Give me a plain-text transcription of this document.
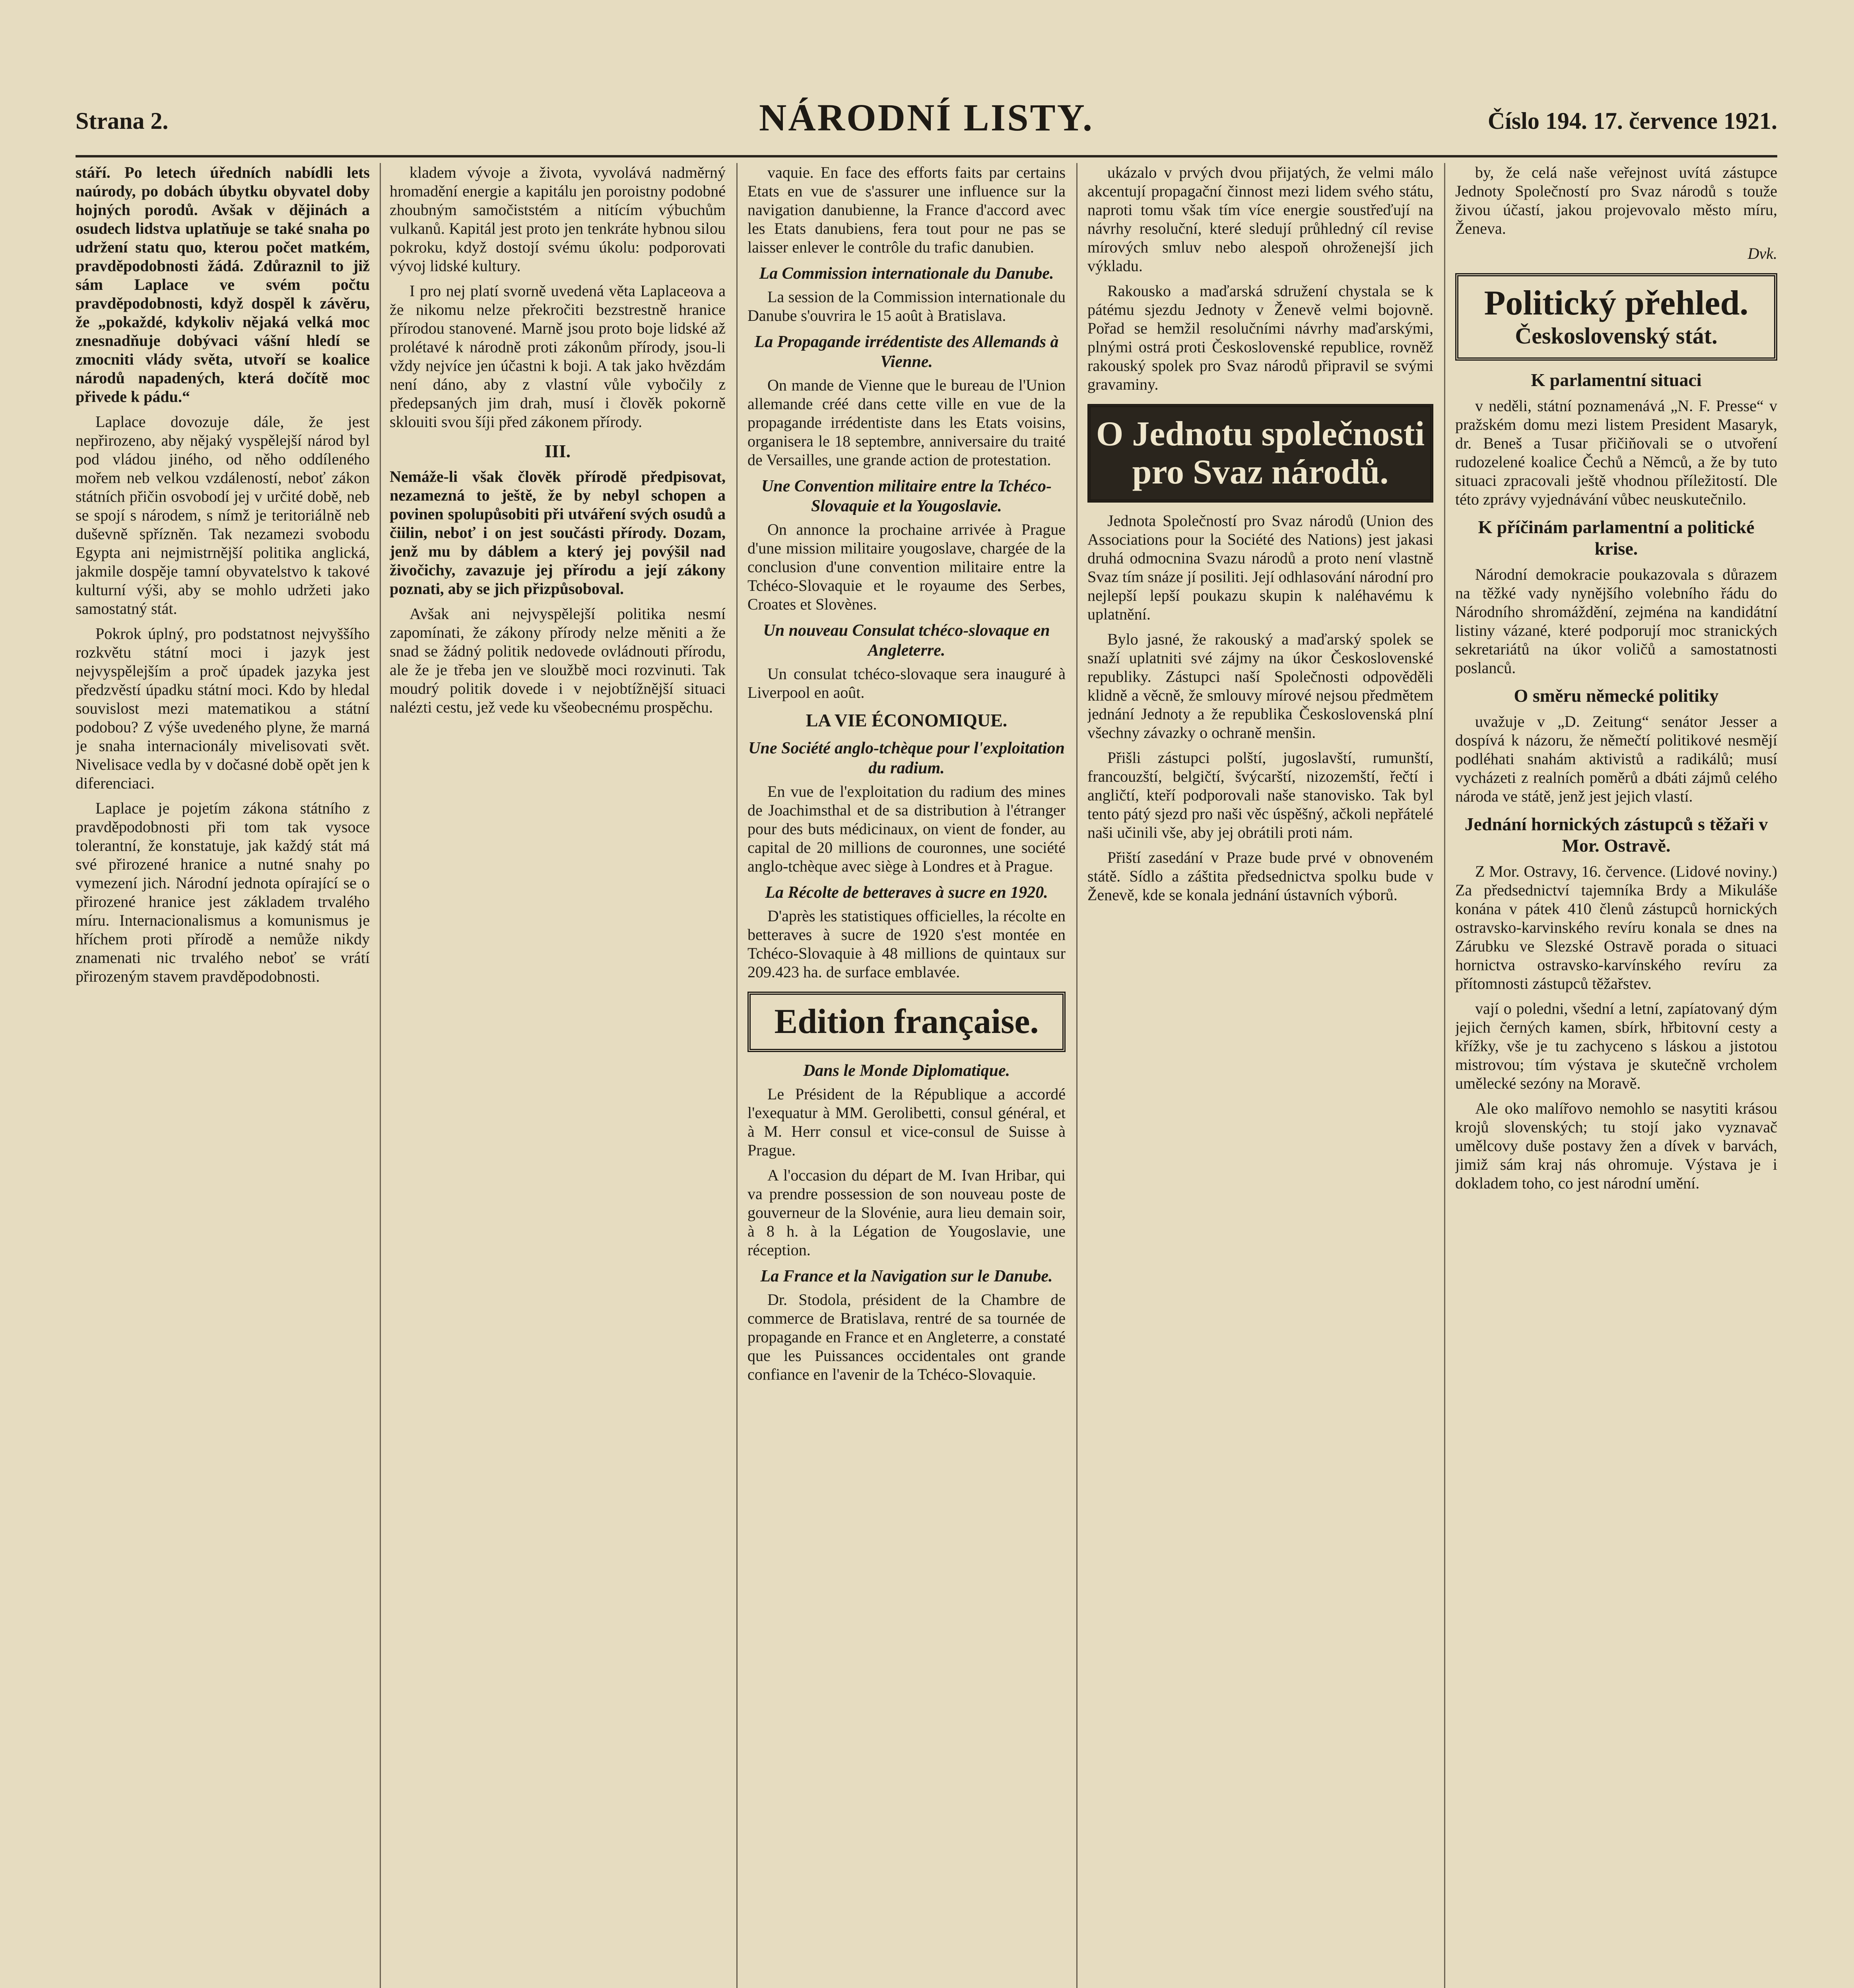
Strana 2.	NÁRODNÍ LISTY.	Číslo 194. 17. července 1921.

stáří. Po letech úředních nabídli lets naúrody, po dobách úbytku obyvatel doby hojných porodů. Avšak v dějinách a osudech lidstva uplatňuje se také snaha po udržení statu quo, kterou počet matkém, pravděpodobnosti žádá. Zdůraznil to již sám Laplace ve svém počtu pravděpodobnosti, když dospěl k závěru, že „pokaždé, kdykoliv nějaká velká moc znesnadňuje dobývaci vášní hledí se zmocniti vlády světa, utvoří se koalice národů napadených, která dočítě moc přivede k pádu.“

Laplace dovozuje dále, že jest nepřirozeno, aby nějaký vyspělejší národ byl pod vládou jiného, od něho oddíleného mořem neb velkou vzdáleností, neboť zákon státních přičin osvobodí jej v určité době, neb se spojí s národem, s nímž je teritoriálně neb duševně spřízněn. Tak nezamezi svobodu Egypta ani nejmistrnější politika anglická, jakmile dospěje tamní obyvatelstvo k takové kulturní výši, aby se mohlo udržeti jako samostatný stát.

Pokrok úplný, pro podstatnost nejvyššího rozkvětu státní moci i jazyk jest nejvyspělejším a proč úpadek jazyka jest předzvěstí úpadku státní moci. Kdo by hledal souvislost mezi matematikou a státní podobou? Z výše uvedeného plyne, že marná je snaha internacionály mivelisovati svět. Nivelisace vedla by v dočasné době opět jen k diferenciaci.

Laplace je pojetím zákona státního z pravděpodobnosti při tom tak vysoce tolerantní, že konstatuje, jak každý stát má své přirozené hranice a nutné snahy po vymezení jich. Národní jednota opírající se o přirozené hranice jest základem trvalého míru. Internacionalismus a komunismus je hříchem proti přírodě a nemůže nikdy znamenati nic trvalého neboť se vrátí přirozeným stavem pravděpodobnosti.

kladem vývoje a života, vyvolává nadměrný hromadění energie a kapitálu jen poroistny podobné zhoubným samočiststém a nitícím výbuchům vulkanů. Kapitál jest proto jen tenkráte hybnou silou pokroku, když dostojí svému úkolu: podporovati vývoj lidské kultury.

I pro nej platí svorně uvedená věta Laplaceova a že nikomu nelze překročiti bezstrestně hranice přírodou stanovené. Marně jsou proto boje lidské až prolétavé k národně proti zákonům přírody, jsou-li vždy nejvíce jen účastni k boji. A tak jako hvězdám není dáno, aby z vlastní vůle vybočily z předepsaných jim drah, musí i člověk pokorně sklouiti svou šíji před zákonem přírody.

III.

Nemáže-li však člověk přírodě předpisovat, nezamezná to ještě, že by nebyl schopen a povinen spolupůsobiti při utváření svých osudů a čiilin, neboť i on jest součásti přírody. Dozam, jenž mu by dáblem a který jej povýšil nad živočichy, zavazuje jej přírodu a její zákony poznati, aby se jich přizpůsoboval.

Avšak ani nejvyspělejší politika nesmí zapomínati, že zákony přírody nelze měniti a že snad se žádný politik nedovede ovládnouti přírodu, ale že je třeba jen ve sloužbě moci rozvinuti. Tak moudrý politik dovede i v nejobtížnější situaci nalézti cestu, jež vede ku všeobecnému prospěchu.

vaquie. En face des efforts faits par certains Etats en vue de s'assurer une influence sur la navigation danubienne, la France d'accord avec les Etats danubiens, fera tout pour ne pas se laisser enlever le contrôle du trafic danubien.

La Commission internationale du Danube.

La session de la Commission internationale du Danube s'ouvrira le 15 août à Bratislava.

La Propagande irrédentiste des Allemands à Vienne.

On mande de Vienne que le bureau de l'Union allemande créé dans cette ville en vue de la propagande irrédentiste dans les Etats voisins, organisera le 18 septembre, anniversaire du traité de Versailles, une grande action de protestation.

Une Convention militaire entre la Tchéco-Slovaquie et la Yougoslavie.

On annonce la prochaine arrivée à Prague d'une mission militaire yougoslave, chargée de la conclusion d'une convention militaire entre la Tchéco-Slovaquie et le royaume des Serbes, Croates et Slovènes.

Un nouveau Consulat tchéco-slovaque en Angleterre.

Un consulat tchéco-slovaque sera inauguré à Liverpool en août.

LA VIE ÉCONOMIQUE.
Une Société anglo-tchèque pour l'exploitation du radium.

En vue de l'exploitation du radium des mines de Joachimsthal et de sa distribution à l'étranger pour des buts médicinaux, on vient de fonder, au capital de 20 millions de couronnes, une société anglo-tchèque avec siège à Londres et à Prague.

La Récolte de betteraves à sucre en 1920.

D'après les statistiques officielles, la récolte en betteraves à sucre de 1920 s'est montée en Tchéco-Slovaquie à 48 millions de quintaux sur 209.423 ha. de surface emblavée.

Edition française.
Dans le Monde Diplomatique.

Le Président de la République a accordé l'exequatur à MM. Gerolibetti, consul général, et à M. Herr consul et vice-consul de Suisse à Prague.

A l'occasion du départ de M. Ivan Hribar, qui va prendre possession de son nouveau poste de gouverneur de la Slovénie, aura lieu demain soir, à 8 h. à la Légation de Yougoslavie, une réception.

La France et la Navigation sur le Danube.

Dr. Stodola, président de la Chambre de commerce de Bratislava, rentré de sa tournée de propagande en France et en Angleterre, a constaté que les Puissances occidentales ont grande confiance en l'avenir de la Tchéco-Slovaquie.

ukázalo v prvých dvou přijatých, že velmi málo akcentují propagační činnost mezi lidem svého státu, naproti tomu však tím více energie soustřeďují na návrhy resoluční, které sledují průhledný cíl revise mírových smluv nebo alespoň ohroženejší jich výkladu.

Rakousko a maďarská sdružení chystala se k pátému sjezdu Jednoty v Ženevě velmi bojovně. Pořad se hemžil resolučními návrhy maďarskými, plnými ostrá proti Československé republice, rovněž rakouský spolek pro Svaz národů připravil se svými gravaminy.

O Jednotu společnosti pro Svaz národů.

Jednota Společností pro Svaz národů (Union des Associations pour la Société des Nations) jest jakasi druhá odmocnina Svazu národů a proto není vlastně Svaz tím snáze jí posiliti. Její odhlasování národní pro nejlepší lepší poukazu skupin k naléhavému k uplatnění.

Bylo jasné, že rakouský a maďarský spolek se snaží uplatniti své zájmy na úkor Československé republiky. Zástupci naší Společnosti odpověděli klidně a věcně, že smlouvy mírové nejsou předmětem jednání Jednoty a že republika Československá plní všechny závazky o ochraně menšin.

Přišli zástupci polští, jugoslavští, rumunští, francouzští, belgičtí, švýcarští, nizozemští, řečtí i angličtí, kteří podporovali naše stanovisko. Tak byl tento pátý sjezd pro naši věc úspěšný, ačkoli nepřátelé naši učinili vše, aby jej obrátili proti nám.

Přiští zasedání v Praze bude prvé v obnoveném státě. Sídlo a záštita předsednictva spolku bude v Ženevě, kde se konala jednání ústavních výborů.

by, že celá naše veřejnost uvítá zástupce Jednoty Společností pro Svaz národů s touže živou účastí, jakou projevovalo město míru, Ženeva.

Dvk.
Politický přehled.
Československý stát.
K parlamentní situaci

v neděli, státní poznamenává „N. F. Presse“ v pražském domu mezi listem President Masaryk, dr. Beneš a Tusar přičiňovali se o utvoření rudozelené koalice Čechů a Němců, a že by tuto situaci zpracovali ještě vhodnou příležitostí. Dle této zprávy vyjednávání vůbec neuskutečnilo.

K příčinám parlamentní a politické krise.

Národní demokracie poukazovala s důrazem na těžké vady nynějšího volebního řádu do Národního shromáždění, zejména na kandidátní listiny vázané, které podporují moc stranických sekretariátů na úkor voličů a samostatnosti poslanců.

O směru německé politiky

uvažuje v „D. Zeitung“ senátor Jesser a dospívá k názoru, že němečtí politikové nesmějí podléhati snahám aktivistů a radikálů; musí vycházeti z realních poměrů a dbáti zájmů celého národa ve státě, jenž jest jejich vlastí.

Jednání hornických zástupců s těžaři v Mor. Ostravě.

Z Mor. Ostravy, 16. července. (Lidové noviny.) Za předsednictví tajemníka Brdy a Mikuláše konána v pátek 410 členů zástupců hornických ostravsko-karvinského revíru konala se dnes na Zárubku ve Slezské Ostravě porada o situaci hornictva ostravsko-karvínského revíru za přítomnosti zástupců těžařstev.

vají o poledni, všední a letní, zapíatovaný dým jejich černých kamen, sbírk, hřbitovní cesty a křížky, vše je tu zachyceno s láskou a jistotou mistrovou; tím výstava je skutečně vrcholem umělecké sezóny na Moravě.

Ale oko malířovo nemohlo se nasytiti krásou krojů slovenských; tu stojí jako vyznavač umělcovy duše postavy žen a dívek v barvách, jimiž sám kraj nás ohromuje. Výstava je i dokladem toho, co jest národní umění.
